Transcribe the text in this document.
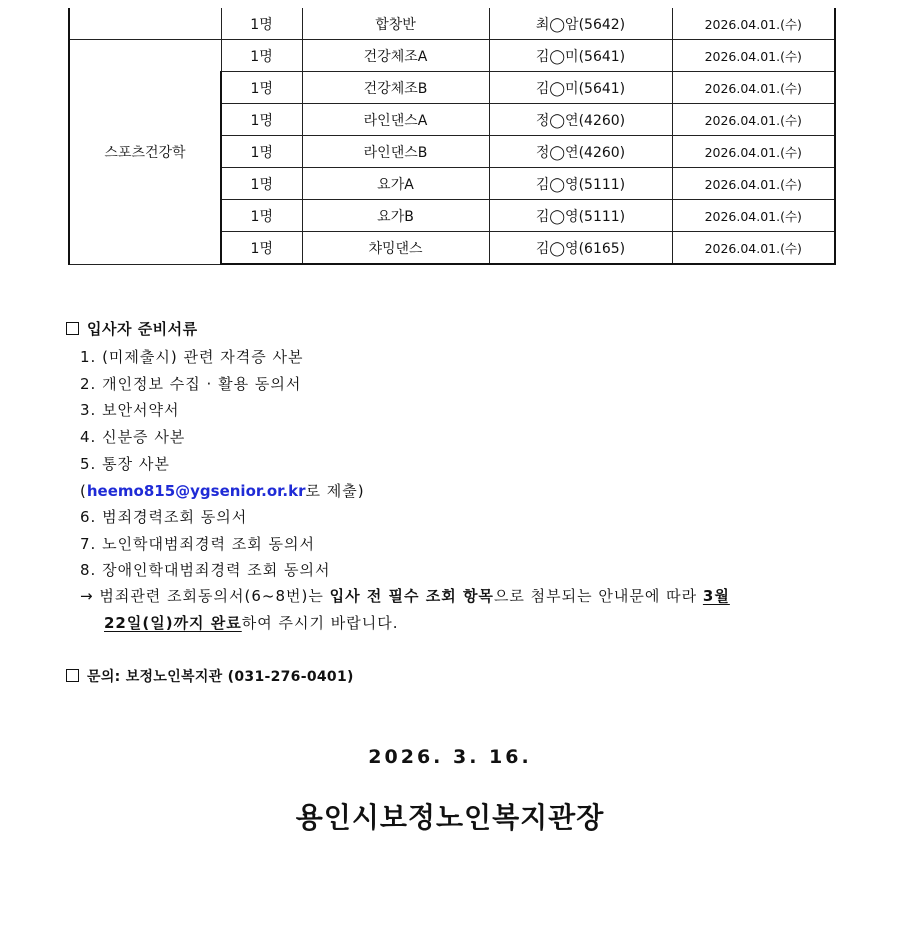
	1명	합창반	최◯암(5642)	2026.04.01.(수)
스포츠건강학	1명	건강체조A	김◯미(5641)	2026.04.01.(수)
	1명	건강체조B	김◯미(5641)	2026.04.01.(수)
	1명	라인댄스A	정◯연(4260)	2026.04.01.(수)
	1명	라인댄스B	정◯연(4260)	2026.04.01.(수)
	1명	요가A	김◯영(5111)	2026.04.01.(수)
	1명	요가B	김◯영(5111)	2026.04.01.(수)
	1명	챠밍댄스	김◯영(6165)	2026.04.01.(수)
입사자 준비서류
1. (미제출시) 관련 자격증 사본
2. 개인정보 수집 · 활용 동의서
3. 보안서약서
4. 신분증 사본
5. 통장 사본
(heemo815@ygsenior.or.kr로 제출)
6. 범죄경력조회 동의서
7. 노인학대범죄경력 조회 동의서
8. 장애인학대범죄경력 조회 동의서
→ 범죄관련 조회동의서(6~8번)는 입사 전 필수 조회 항목으로 첨부되는 안내문에 따라 3월
22일(일)까지 완료하여 주시기 바랍니다.
문의: 보정노인복지관 (031-276-0401)
2026. 3. 16.
용인시보정노인복지관장
